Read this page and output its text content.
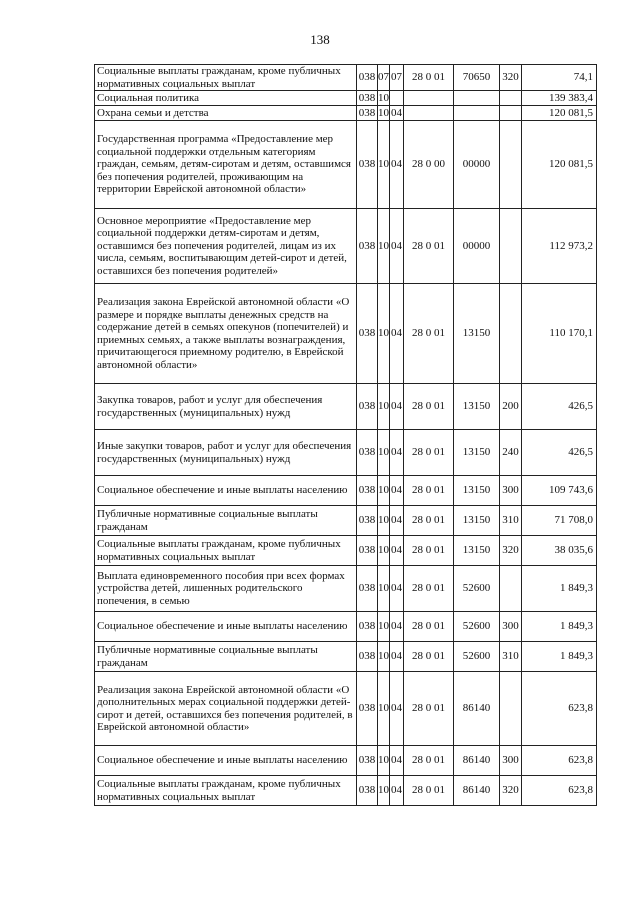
138
Социальные выплаты гражданам, кроме публичных нормативных социальных выплат	038	07	07	28 0 01	70650	320	74,1
Социальная политика	038	10					139 383,4
Охрана семьи и детства	038	10	04				120 081,5
Государственная программа «Предоставление мер социальной поддержки отдельным категориям граждан, семьям, детям-сиротам и детям, оставшимся без попечения родителей, проживающим на территории Еврейской автономной области»	038	10	04	28 0 00	00000		120 081,5
Основное мероприятие «Предоставление мер социальной поддержки детям-сиротам и детям, оставшимся без попечения родителей, лицам из их числа, семьям, воспитывающим детей-сирот и детей, оставшихся без попечения родителей»	038	10	04	28 0 01	00000		112 973,2
Реализация закона Еврейской автономной области «О размере и порядке выплаты денежных средств на содержание детей в семьях опекунов (попечителей) и приемных семьях, а также выплаты вознаграждения, причитающегося приемному родителю, в Еврейской автономной области»	038	10	04	28 0 01	13150		110 170,1
Закупка товаров, работ и услуг для обеспечения государственных (муниципальных) нужд	038	10	04	28 0 01	13150	200	426,5
Иные закупки товаров, работ и услуг для обеспечения государственных (муниципальных) нужд	038	10	04	28 0 01	13150	240	426,5
Социальное обеспечение и иные выплаты населению	038	10	04	28 0 01	13150	300	109 743,6
Публичные нормативные социальные выплаты гражданам	038	10	04	28 0 01	13150	310	71 708,0
Социальные выплаты гражданам, кроме публичных нормативных социальных выплат	038	10	04	28 0 01	13150	320	38 035,6
Выплата единовременного пособия при всех формах устройства детей, лишенных родительского попечения, в семью	038	10	04	28 0 01	52600		1 849,3
Социальное обеспечение и иные выплаты населению	038	10	04	28 0 01	52600	300	1 849,3
Публичные нормативные социальные выплаты гражданам	038	10	04	28 0 01	52600	310	1 849,3
Реализация закона Еврейской автономной области «О дополнительных мерах социальной поддержки детей-сирот и детей, оставшихся без попечения родителей, в Еврейской автономной области»	038	10	04	28 0 01	86140		623,8
Социальное обеспечение и иные выплаты населению	038	10	04	28 0 01	86140	300	623,8
Социальные выплаты гражданам, кроме публичных нормативных социальных выплат	038	10	04	28 0 01	86140	320	623,8
